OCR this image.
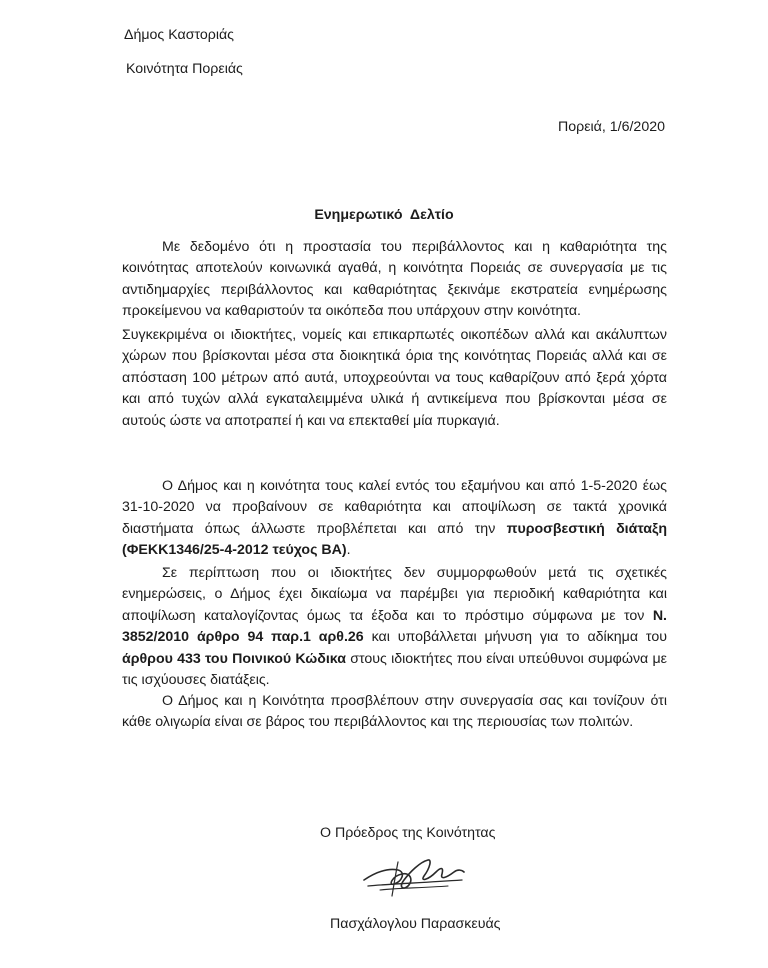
Δήμος Καστοριάς
Κοινότητα Πορειάς
Πορειά, 1/6/2020
Ενημερωτικό Δελτίο
Με δεδομένο ότι η προστασία του περιβάλλοντος και η καθαριότητα της κοινότητας αποτελούν κοινωνικά αγαθά, η κοινότητα Πορειάς σε συνεργασία με τις αντιδημαρχίες περιβάλλοντος και καθαριότητας ξεκινάμε εκστρατεία ενημέρωσης προκείμενου να καθαριστούν τα οικόπεδα που υπάρχουν στην κοινότητα.
Συγκεκριμένα οι ιδιοκτήτες, νομείς και επικαρπωτές οικοπέδων αλλά και ακάλυπτων χώρων που βρίσκονται μέσα στα διοικητικά όρια της κοινότητας Πορειάς αλλά και σε απόσταση 100 μέτρων από αυτά, υποχρεούνται να τους καθαρίζουν από ξερά χόρτα και από τυχών αλλά εγκαταλειμμένα υλικά ή αντικείμενα που βρίσκονται μέσα σε αυτούς ώστε να αποτραπεί ή και να επεκταθεί μία πυρκαγιά.
Ο Δήμος και η κοινότητα τους καλεί εντός του εξαμήνου και από 1-5-2020 έως 31-10-2020 να προβαίνουν σε καθαριότητα και αποψίλωση σε τακτά χρονικά διαστήματα όπως άλλωστε προβλέπεται και από την πυροσβεστική διάταξη (ΦΕΚΚ1346/25-4-2012 τεύχος ΒΑ).
Σε περίπτωση που οι ιδιοκτήτες δεν συμμορφωθούν μετά τις σχετικές ενημερώσεις, ο Δήμος έχει δικαίωμα να παρέμβει για περιοδική καθαριότητα και αποψίλωση καταλογίζοντας όμως τα έξοδα και το πρόστιμο σύμφωνα με τον Ν. 3852/2010 άρθρο 94 παρ.1 αρθ.26 και υποβάλλεται μήνυση για το αδίκημα του άρθρου 433 του Ποινικού Κώδικα στους ιδιοκτήτες που είναι υπεύθυνοι συμφώνα με τις ισχύουσες διατάξεις.
Ο Δήμος και η Κοινότητα προσβλέπουν στην συνεργασία σας και τονίζουν ότι κάθε ολιγωρία είναι σε βάρος του περιβάλλοντος και της περιουσίας των πολιτών.
Ο Πρόεδρος της Κοινότητας
Πασχάλογλου Παρασκευάς
